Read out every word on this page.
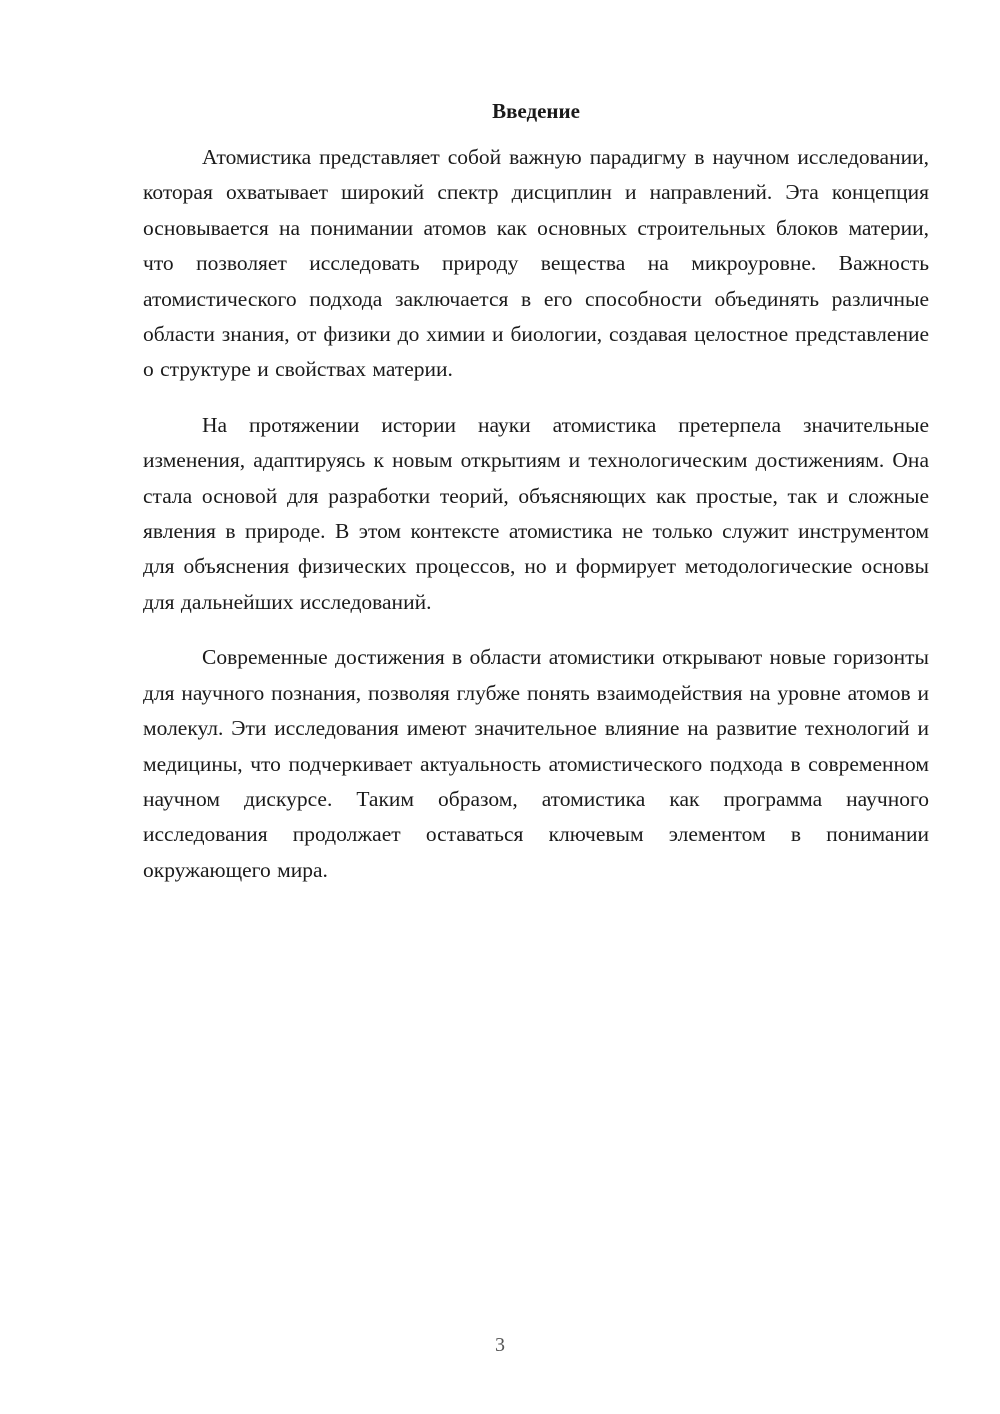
Введение

Атомистика представляет собой важную парадигму в научном исследовании, которая охватывает широкий спектр дисциплин и направлений. Эта концепция основывается на понимании атомов как основных строительных блоков материи, что позволяет исследовать природу вещества на микроуровне. Важность атомистического подхода заключается в его способности объединять различные области знания, от физики до химии и биологии, создавая целостное представление о структуре и свойствах материи.

На протяжении истории науки атомистика претерпела значительные изменения, адаптируясь к новым открытиям и технологическим достижениям. Она стала основой для разработки теорий, объясняющих как простые, так и сложные явления в природе. В этом контексте атомистика не только служит инструментом для объяснения физических процессов, но и формирует методологические основы для дальнейших исследований.

Современные достижения в области атомистики открывают новые горизонты для научного познания, позволяя глубже понять взаимодействия на уровне атомов и молекул. Эти исследования имеют значительное влияние на развитие технологий и медицины, что подчеркивает актуальность атомистического подхода в современном научном дискурсе. Таким образом, атомистика как программа научного исследования продолжает оставаться ключевым элементом в понимании окружающего мира.

3
